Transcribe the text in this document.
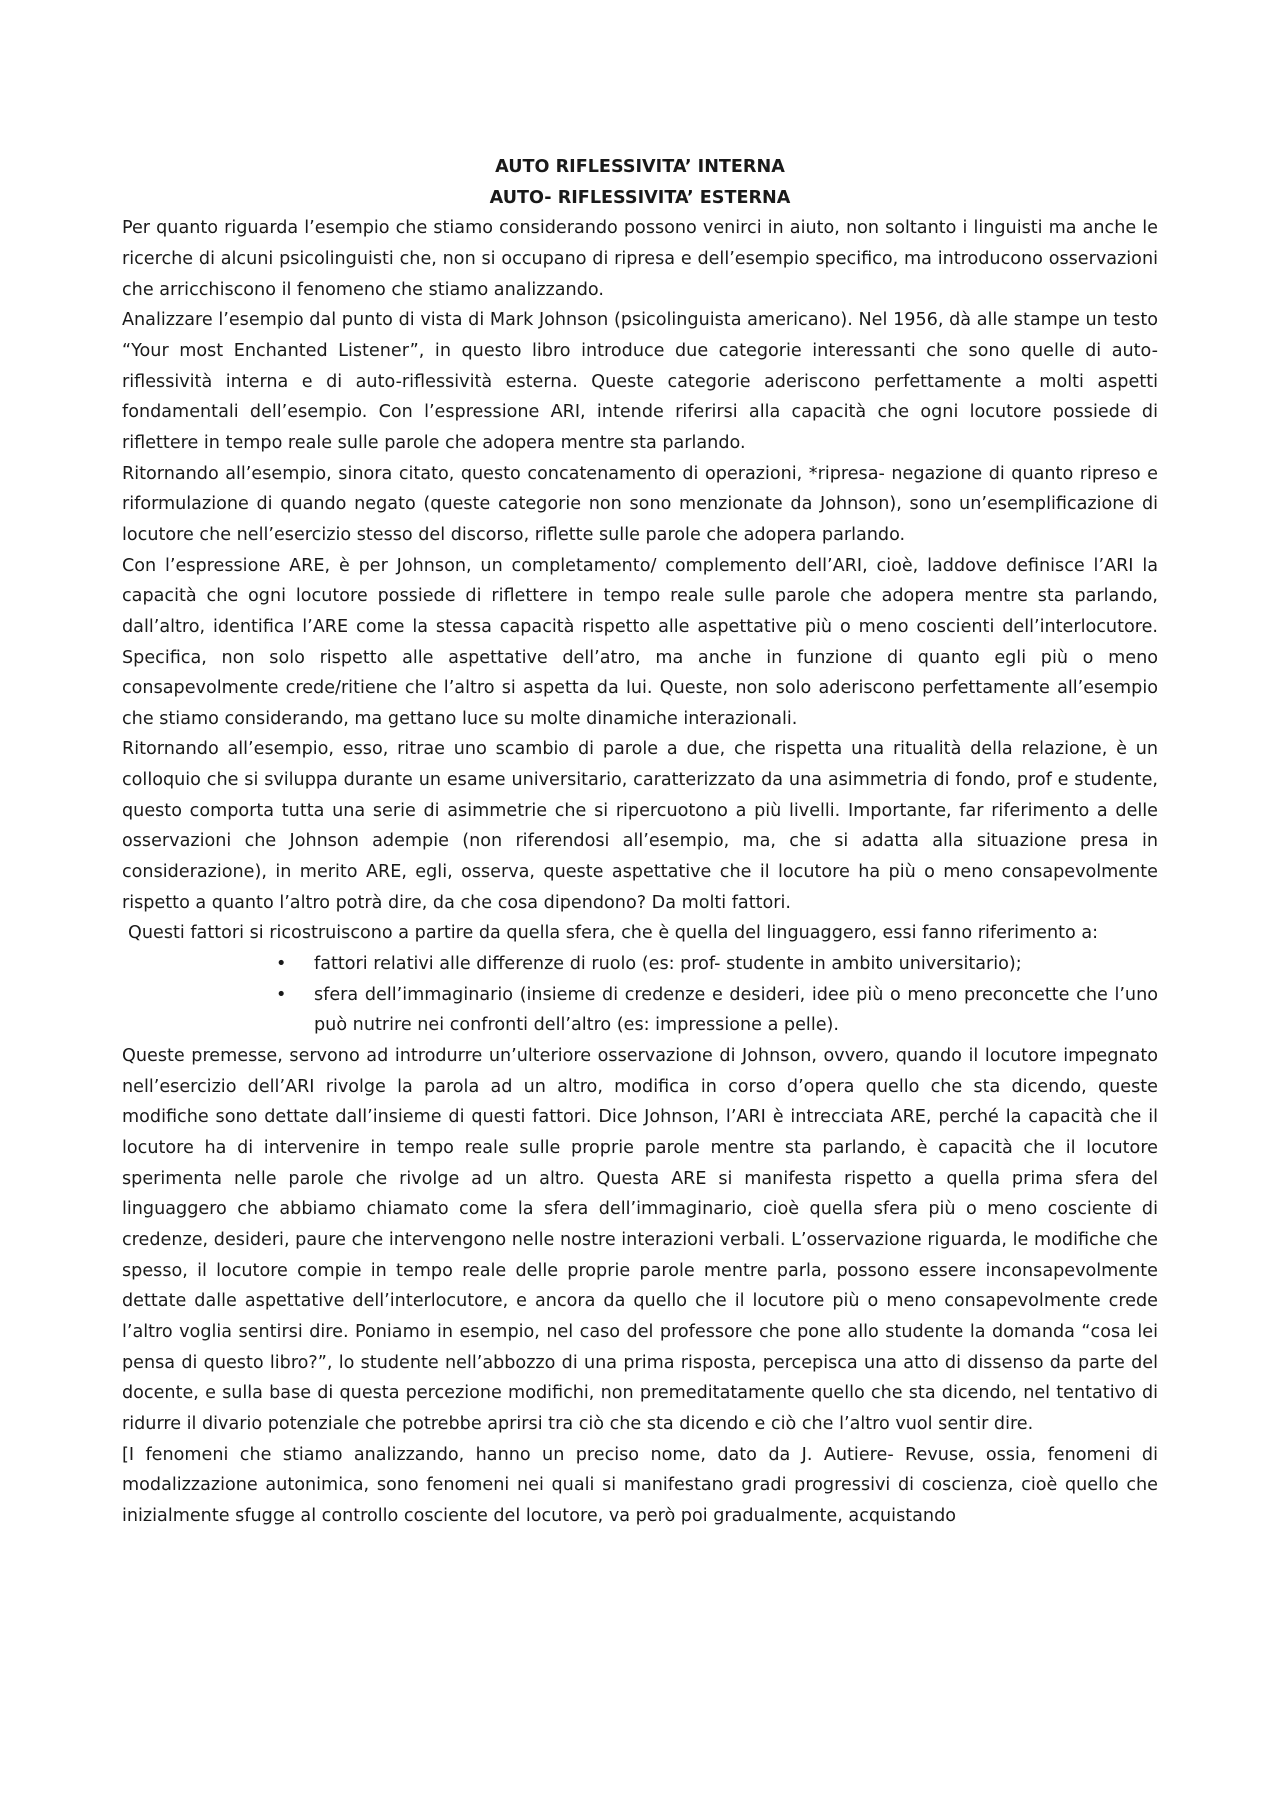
AUTO RIFLESSIVITA’ INTERNA

AUTO- RIFLESSIVITA’ ESTERNA

Per quanto riguarda l’esempio che stiamo considerando possono venirci in aiuto, non soltanto i linguisti ma anche le ricerche di alcuni psicolinguisti che, non si occupano di ripresa e dell’esempio specifico, ma introducono osservazioni che arricchiscono il fenomeno che stiamo analizzando.

Analizzare l’esempio dal punto di vista di Mark Johnson (psicolinguista americano). Nel 1956, dà alle stampe un testo “Your most Enchanted Listener”, in questo libro introduce due categorie interessanti che sono quelle di auto-riflessività interna e di auto-riflessività esterna. Queste categorie aderiscono perfettamente a molti aspetti fondamentali dell’esempio. Con l’espressione ARI, intende riferirsi alla capacità che ogni locutore possiede di riflettere in tempo reale sulle parole che adopera mentre sta parlando.

Ritornando all’esempio, sinora citato, questo concatenamento di operazioni, *ripresa- negazione di quanto ripreso e riformulazione di quando negato (queste categorie non sono menzionate da Johnson), sono un’esemplificazione di locutore che nell’esercizio stesso del discorso, riflette sulle parole che adopera parlando.

Con l’espressione ARE, è per Johnson, un completamento/ complemento dell’ARI, cioè, laddove definisce l’ARI la capacità che ogni locutore possiede di riflettere in tempo reale sulle parole che adopera mentre sta parlando, dall’altro, identifica l’ARE come la stessa capacità rispetto alle aspettative più o meno coscienti dell’interlocutore. Specifica, non solo rispetto alle aspettative dell’atro, ma anche in funzione di quanto egli più o meno consapevolmente crede/ritiene che l’altro si aspetta da lui. Queste, non solo aderiscono perfettamente all’esempio che stiamo considerando, ma gettano luce su molte dinamiche interazionali.

Ritornando all’esempio, esso, ritrae uno scambio di parole a due, che rispetta una ritualità della relazione, è un colloquio che si sviluppa durante un esame universitario, caratterizzato da una asimmetria di fondo, prof e studente, questo comporta tutta una serie di asimmetrie che si ripercuotono a più livelli. Importante, far riferimento a delle osservazioni che Johnson adempie (non riferendosi all’esempio, ma, che si adatta alla situazione presa in considerazione), in merito ARE, egli, osserva, queste aspettative che il locutore ha più o meno consapevolmente rispetto a quanto l’altro potrà dire, da che cosa dipendono? Da molti fattori.

Questi fattori si ricostruiscono a partire da quella sfera, che è quella del linguaggero, essi fanno riferimento a:

• fattori relativi alle differenze di ruolo (es: prof- studente in ambito universitario);
• sfera dell’immaginario (insieme di credenze e desideri, idee più o meno preconcette che l’uno può nutrire nei confronti dell’altro (es: impressione a pelle).

Queste premesse, servono ad introdurre un’ulteriore osservazione di Johnson, ovvero, quando il locutore impegnato nell’esercizio dell’ARI rivolge la parola ad un altro, modifica in corso d’opera quello che sta dicendo, queste modifiche sono dettate dall’insieme di questi fattori. Dice Johnson, l’ARI è intrecciata ARE, perché la capacità che il locutore ha di intervenire in tempo reale sulle proprie parole mentre sta parlando, è capacità che il locutore sperimenta nelle parole che rivolge ad un altro. Questa ARE si manifesta rispetto a quella prima sfera del linguaggero che abbiamo chiamato come la sfera dell’immaginario, cioè quella sfera più o meno cosciente di credenze, desideri, paure che intervengono nelle nostre interazioni verbali. L’osservazione riguarda, le modifiche che spesso, il locutore compie in tempo reale delle proprie parole mentre parla, possono essere inconsapevolmente dettate dalle aspettative dell’interlocutore, e ancora da quello che il locutore più o meno consapevolmente crede l’altro voglia sentirsi dire. Poniamo in esempio, nel caso del professore che pone allo studente la domanda “cosa lei pensa di questo libro?”, lo studente nell’abbozzo di una prima risposta, percepisca una atto di dissenso da parte del docente, e sulla base di questa percezione modifichi, non premeditatamente quello che sta dicendo, nel tentativo di ridurre il divario potenziale che potrebbe aprirsi tra ciò che sta dicendo e ciò che l’altro vuol sentir dire.

[I fenomeni che stiamo analizzando, hanno un preciso nome, dato da J. Autiere- Revuse, ossia, fenomeni di modalizzazione autonimica, sono fenomeni nei quali si manifestano gradi progressivi di coscienza, cioè quello che inizialmente sfugge al controllo cosciente del locutore, va però poi gradualmente, acquistando
